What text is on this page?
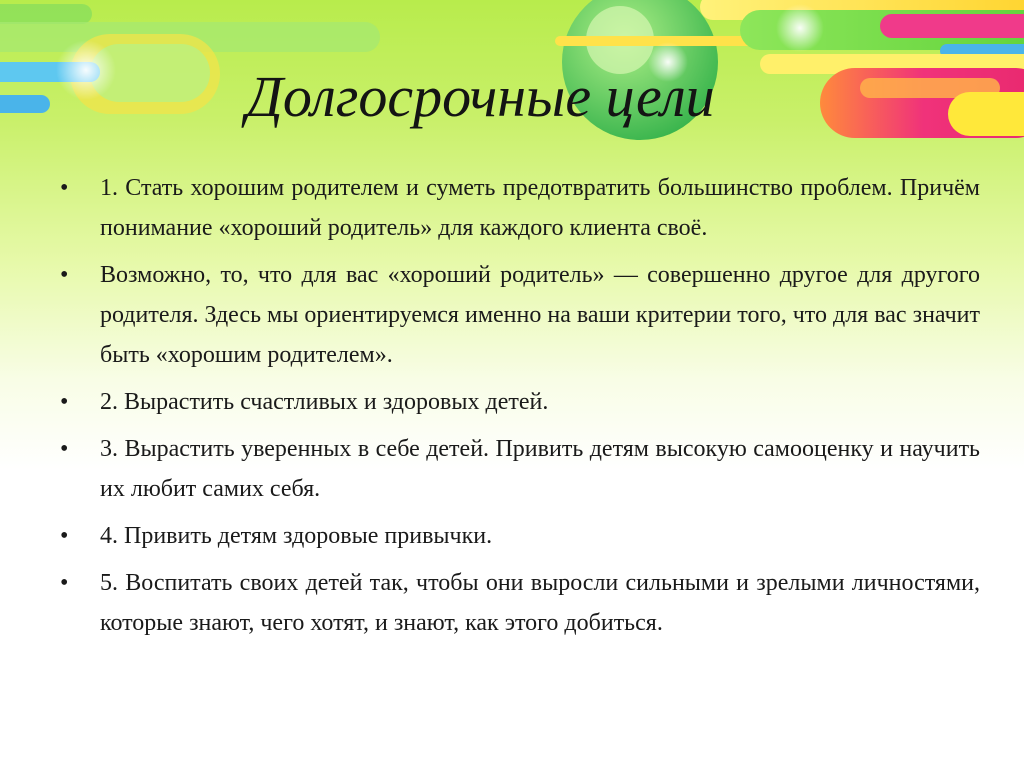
Долгосрочные цели
•	1. Стать хорошим родителем и суметь предотвратить большинство проблем. Причём понимание «хороший родитель» для каждого клиента своё.
•	Возможно, то, что для вас «хороший родитель» — совершенно другое для другого родителя. Здесь мы ориентируемся именно на ваши критерии того, что для вас значит быть «хорошим родителем».
•	2. Вырастить счастливых и здоровых детей.
•	3. Вырастить уверенных в себе детей. Привить детям высокую самооценку и научить их любит самих себя.
•	4. Привить детям здоровые привычки.
•	5. Воспитать своих детей так, чтобы они выросли сильными и зрелыми личностями, которые знают, чего хотят, и знают, как этого добиться.
